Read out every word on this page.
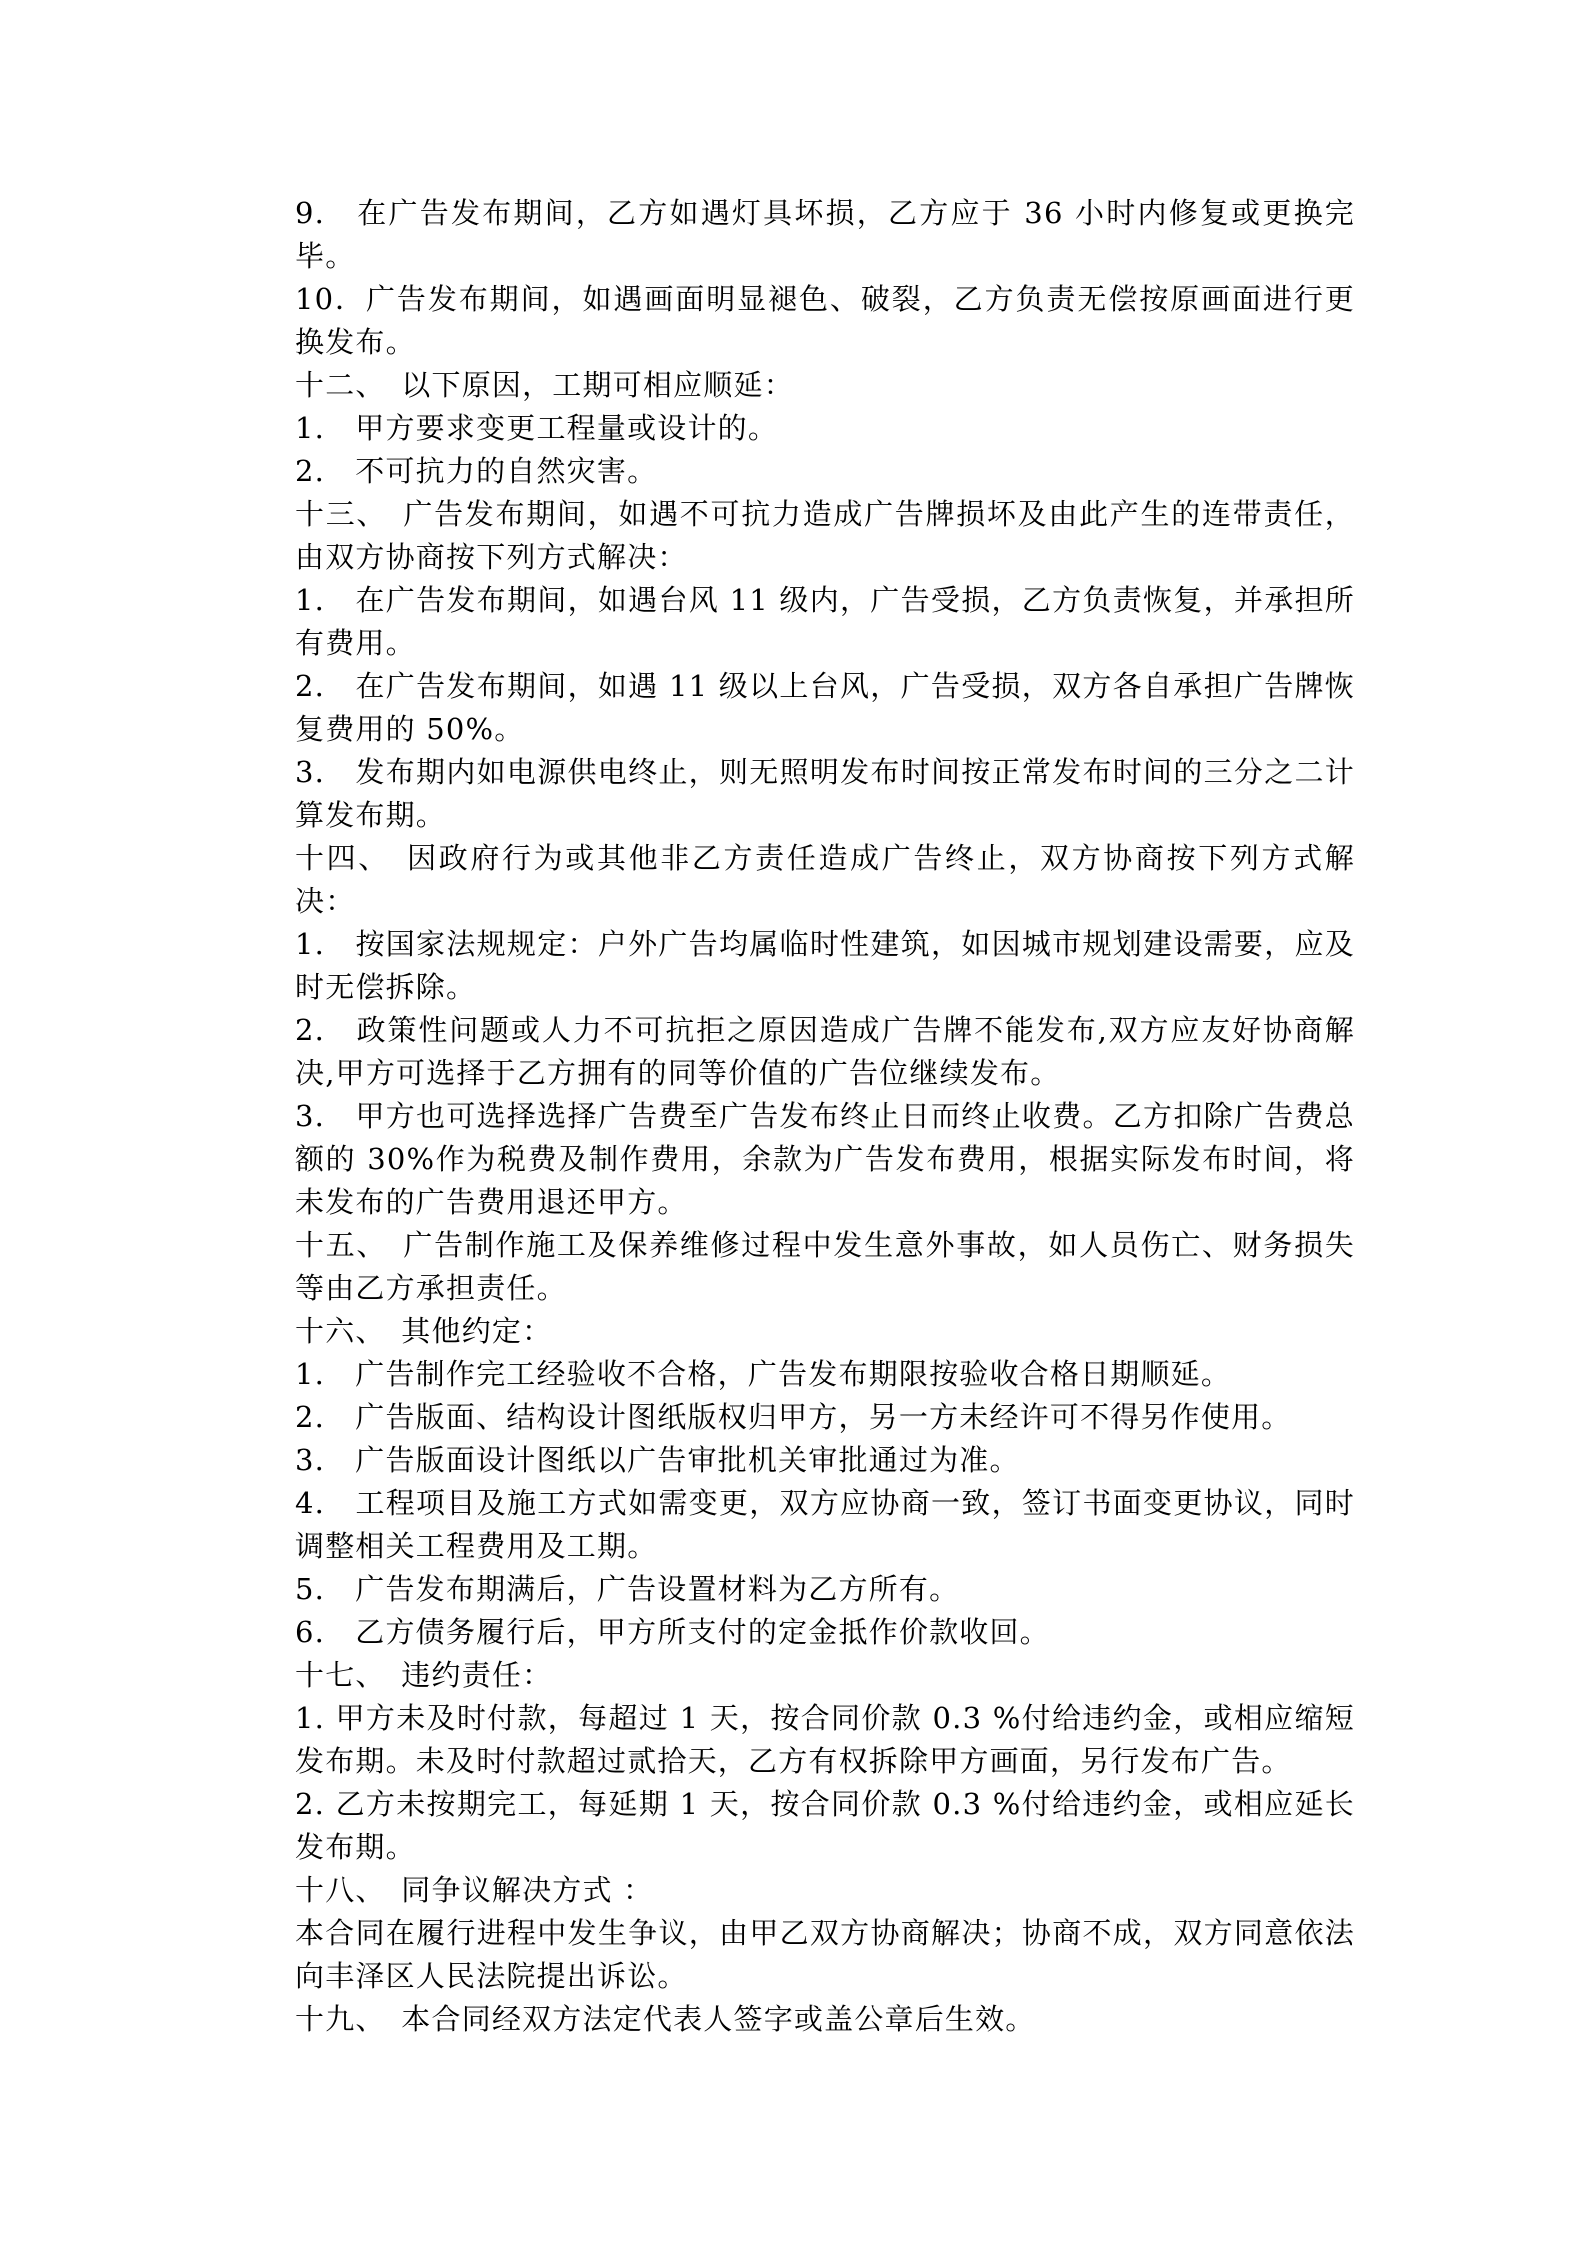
9.　在广告发布期间，乙方如遇灯具坏损，乙方应于 36 小时内修复或更换完毕。

10．广告发布期间，如遇画面明显褪色、破裂，乙方负责无偿按原画面进行更换发布。

十二、　以下原因，工期可相应顺延：

1.　甲方要求变更工程量或设计的。

2.　不可抗力的自然灾害。

十三、　广告发布期间，如遇不可抗力造成广告牌损坏及由此产生的连带责任，由双方协商按下列方式解决：

1.　在广告发布期间，如遇台风 11 级内，广告受损，乙方负责恢复，并承担所有费用。

2.　在广告发布期间，如遇 11 级以上台风，广告受损，双方各自承担广告牌恢复费用的 50%。

3.　发布期内如电源供电终止，则无照明发布时间按正常发布时间的三分之二计算发布期。

十四、　因政府行为或其他非乙方责任造成广告终止，双方协商按下列方式解决：

1.　按国家法规规定：户外广告均属临时性建筑，如因城市规划建设需要，应及时无偿拆除。

2.　政策性问题或人力不可抗拒之原因造成广告牌不能发布,双方应友好协商解决,甲方可选择于乙方拥有的同等价值的广告位继续发布。

3.　甲方也可选择选择广告费至广告发布终止日而终止收费。乙方扣除广告费总额的 30%作为税费及制作费用，余款为广告发布费用，根据实际发布时间，将未发布的广告费用退还甲方。

十五、　广告制作施工及保养维修过程中发生意外事故，如人员伤亡、财务损失等由乙方承担责任。

十六、　其他约定：

1.　广告制作完工经验收不合格，广告发布期限按验收合格日期顺延。

2.　广告版面、结构设计图纸版权归甲方，另一方未经许可不得另作使用。

3.　广告版面设计图纸以广告审批机关审批通过为准。

4.　工程项目及施工方式如需变更，双方应协商一致，签订书面变更协议，同时调整相关工程费用及工期。

5.　广告发布期满后，广告设置材料为乙方所有。

6.　乙方债务履行后，甲方所支付的定金抵作价款收回。

十七、　违约责任：

1. 甲方未及时付款，每超过 1 天，按合同价款 0.3 %付给违约金，或相应缩短发布期。未及时付款超过贰拾天，乙方有权拆除甲方画面，另行发布广告。

2. 乙方未按期完工，每延期 1 天，按合同价款 0.3 %付给违约金，或相应延长发布期。

十八、　同争议解决方式 ：

本合同在履行进程中发生争议，由甲乙双方协商解决；协商不成，双方同意依法向丰泽区人民法院提出诉讼。

十九、　本合同经双方法定代表人签字或盖公章后生效。
